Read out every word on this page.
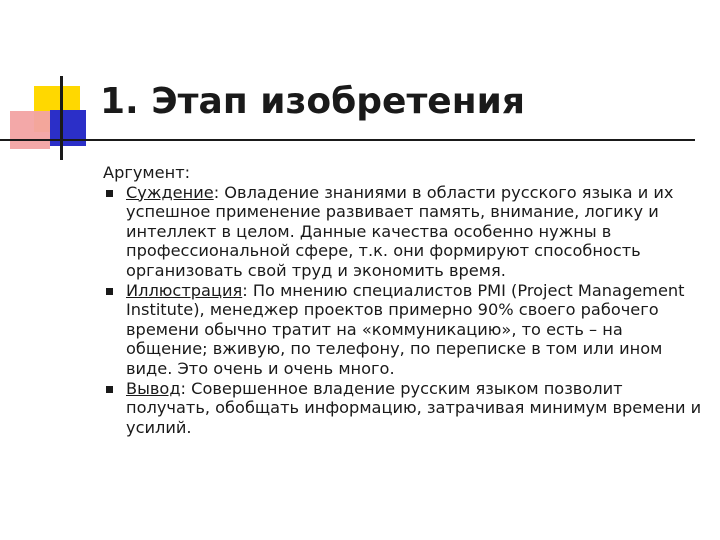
1. Этап изобретения

Аргумент:

Суждение: Овладение знаниями в области русского языка и их успешное применение развивает память, внимание, логику и интеллект в целом. Данные качества особенно нужны в профессиональной сфере, т.к. они формируют способность организовать свой труд и экономить время.
Иллюстрация: По мнению специалистов PMI (Project Management Institute), менеджер проектов примерно 90% своего рабочего времени обычно тратит на «коммуникацию», то есть – на общение; вживую, по телефону, по переписке в том или ином виде. Это очень и очень много.
Вывод: Совершенное владение русским языком позволит получать, обобщать информацию, затрачивая минимум времени и усилий.
